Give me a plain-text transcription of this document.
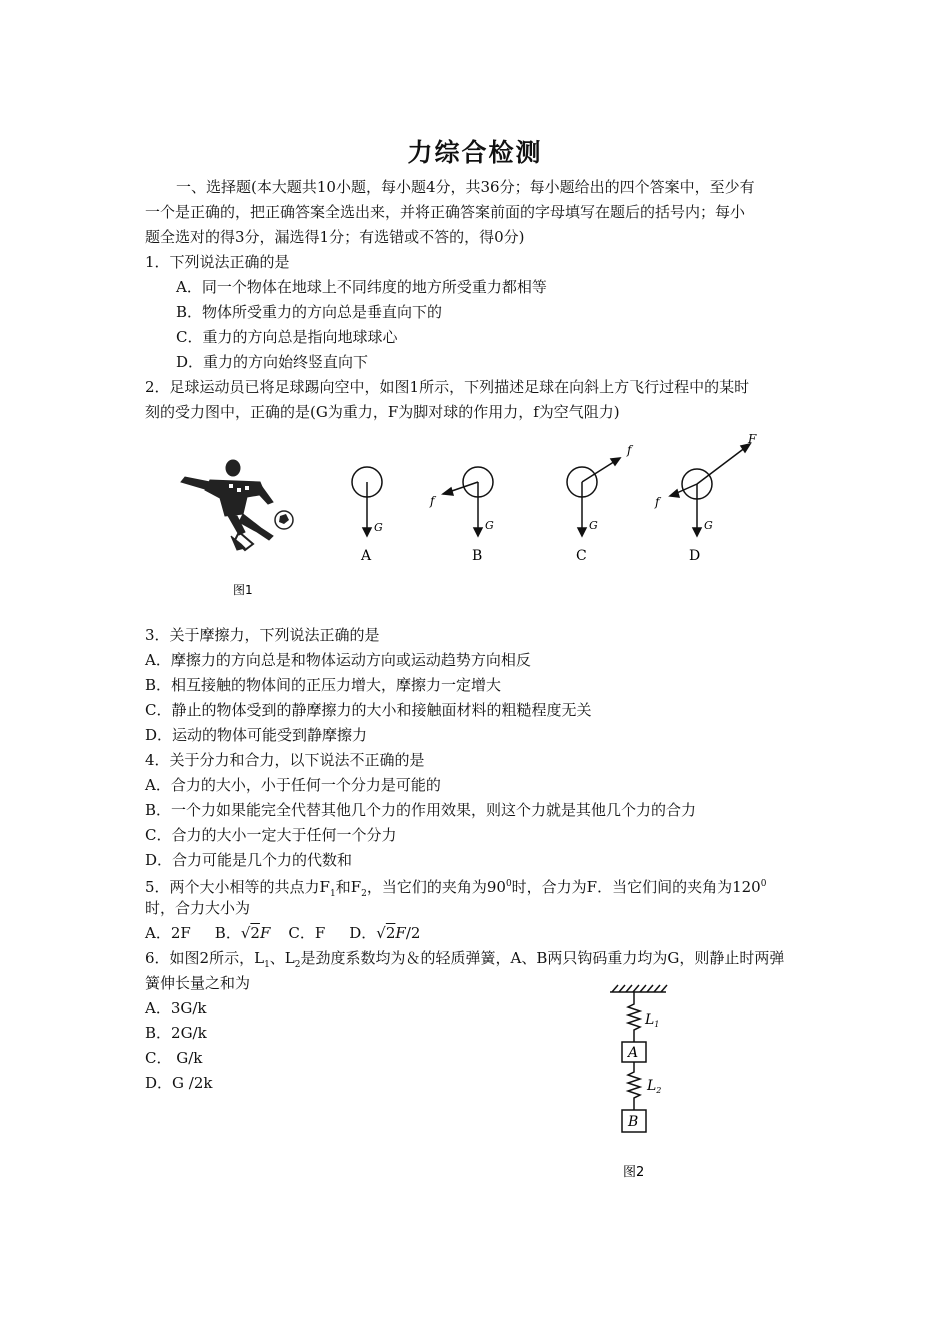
力综合检测
一、选择题(本大题共10小题，每小题4分，共36分；每小题给出的四个答案中，至少有
一个是正确的，把正确答案全选出来，并将正确答案前面的字母填写在题后的括号内；每小
题全选对的得3分，漏选得1分；有选错或不答的，得0分)
1．下列说法正确的是
A．同一个物体在地球上不同纬度的地方所受重力都相等
B．物体所受重力的方向总是垂直向下的
C．重力的方向总是指向地球球心
D．重力的方向始终竖直向下
2．足球运动员已将足球踢向空中，如图1所示，下列描述足球在向斜上方飞行过程中的某时
刻的受力图中，正确的是(G为重力，F为脚对球的作用力，f为空气阻力)
图1
G
A
f
G
B
f
G
C
F
f
G
D
3．关于摩擦力，下列说法正确的是
A．摩擦力的方向总是和物体运动方向或运动趋势方向相反
B．相互接触的物体间的正压力增大，摩擦力一定增大
C．静止的物体受到的静摩擦力的大小和接触面材料的粗糙程度无关
D．运动的物体可能受到静摩擦力
4．关于分力和合力，以下说法不正确的是
A．合力的大小，小于任何一个分力是可能的
B．一个力如果能完全代替其他几个力的作用效果，则这个力就是其他几个力的合力
C．合力的大小一定大于任何一个分力
D．合力可能是几个力的代数和
5．两个大小相等的共点力$F_1$和$F_2$，当它们的夹角为$90^0$时，合力为F．当它们间的夹角为$120^0$
时，合力大小为
A．2F B．√2F C．F D．√2F/2
6．如图2所示，$L_1$、$L_2$是劲度系数均为＆的轻质弹簧，A、B两只钩码重力均为G，则静止时两弹
簧伸长量之和为
A．3G/k
B．2G/k
C． G/k
D．G /2k
$L_1$
A
$L_2$
B
图2
